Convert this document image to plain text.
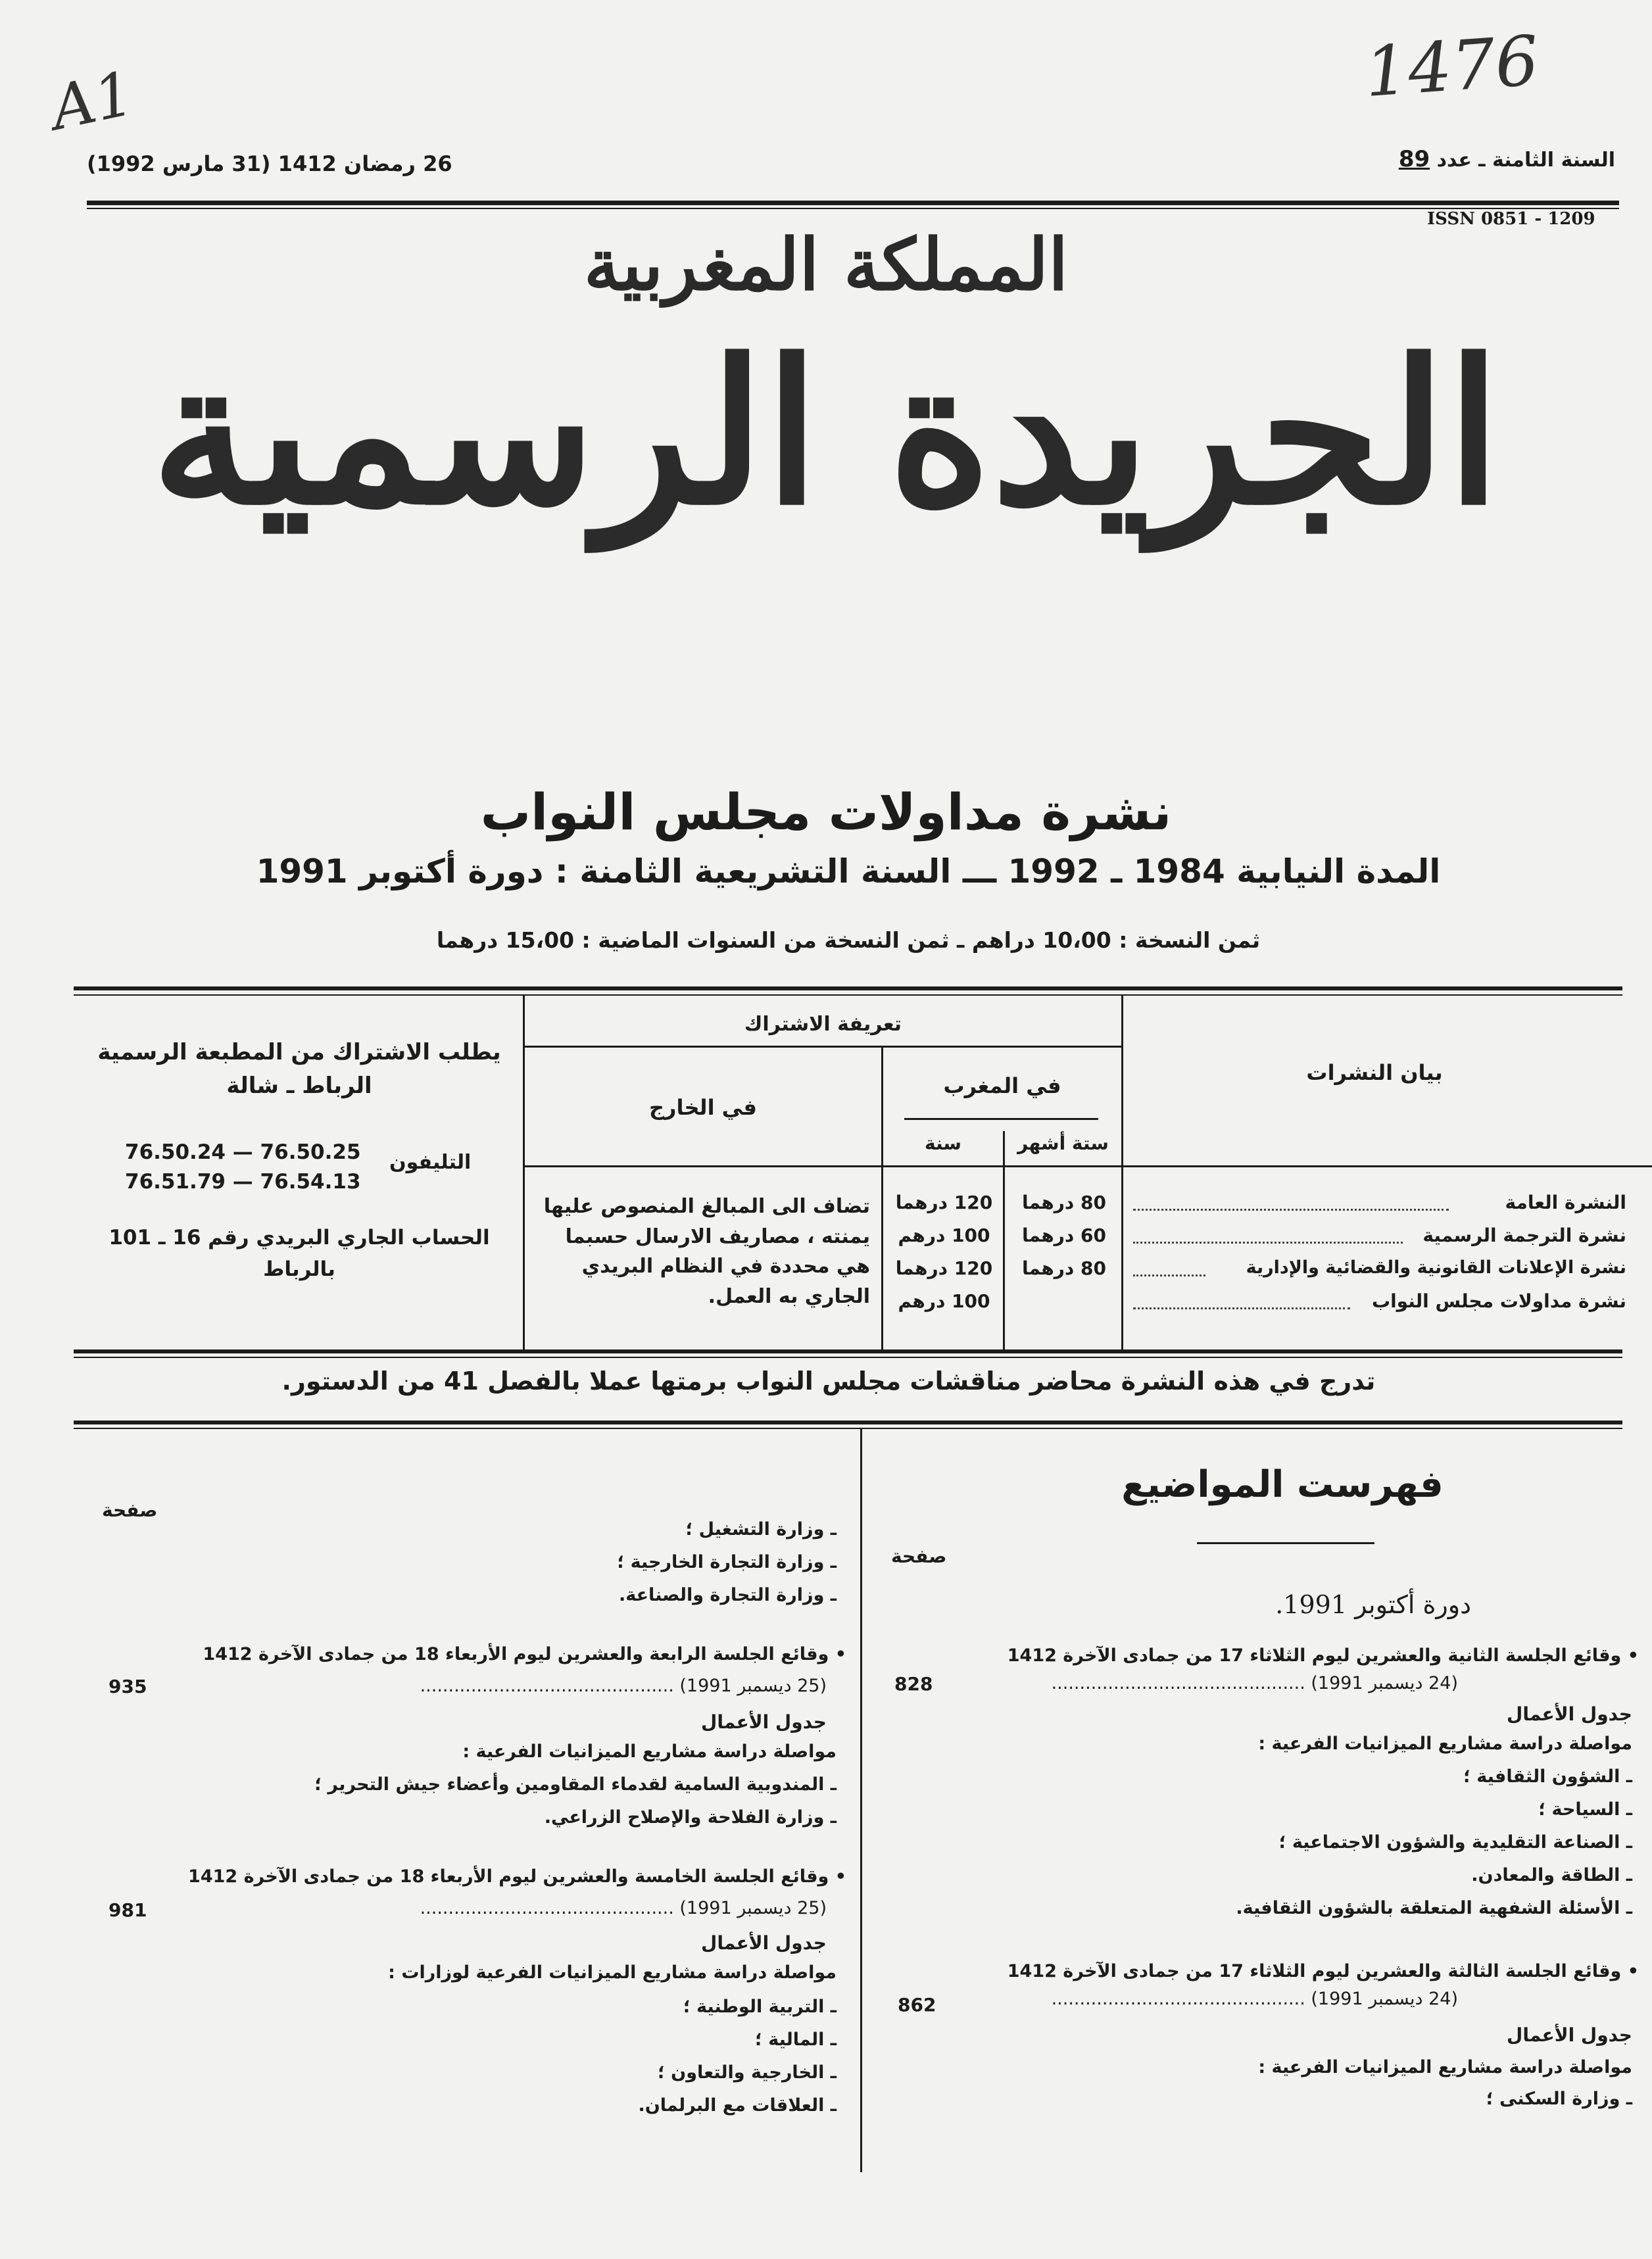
A1	1476
السنة الثامنة ـ عدد 89
26 رمضان 1412 (31 مارس 1992)
ISSN 0851 - 1209
المملكة المغربية
الجريدة الرسمية
نشرة مداولات مجلس النواب
المدة النيابية 1984 ـ 1992 ـــ السنة التشريعية الثامنة : دورة أكتوبر 1991
ثمن النسخة : 10،00 دراهم ـ ثمن النسخة من السنوات الماضية : 15،00 درهما
يطلب الاشتراك من المطبعة الرسمية
الرباط ـ شالة
76.50.24 — 76.50.25
76.51.79 — 76.54.13
التليفون
الحساب الجاري البريدي رقم 16 ـ 101
بالرباط
تعريفة الاشتراك
في الخارج
في المغرب
سنة	ستة أشهر
تضاف الى المبالغ المنصوص عليها يمنته ، مصاريف الارسال حسبما هي محددة في النظام البريدي الجاري به العمل.
بيان النشرات
النشرة العامة
80 درهما
120 درهما
نشرة الترجمة الرسمية
60 درهما
100 درهم
نشرة الإعلانات القانونية والقضائية والإدارية
80 درهما
120 درهما
نشرة مداولات مجلس النواب
100 درهم
تدرج في هذه النشرة محاضر مناقشات مجلس النواب برمتها عملا بالفصل 41 من الدستور.
فهرست المواضيع
صفحة
دورة أكتوبر 1991.
• وقائع الجلسة الثانية والعشرين ليوم الثلاثاء 17 من جمادى الآخرة 1412
(24 ديسمبر 1991) .............................................
828
جدول الأعمال
مواصلة دراسة مشاريع الميزانيات الفرعية :
ـ الشؤون الثقافية ؛
ـ السياحة ؛
ـ الصناعة التقليدية والشؤون الاجتماعية ؛
ـ الطاقة والمعادن.
ـ الأسئلة الشفهية المتعلقة بالشؤون الثقافية.
• وقائع الجلسة الثالثة والعشرين ليوم الثلاثاء 17 من جمادى الآخرة 1412
(24 ديسمبر 1991) .............................................
862
جدول الأعمال
مواصلة دراسة مشاريع الميزانيات الفرعية :
ـ وزارة السكنى ؛
صفحة
ـ وزارة التشغيل ؛
ـ وزارة التجارة الخارجية ؛
ـ وزارة التجارة والصناعة.
• وقائع الجلسة الرابعة والعشرين ليوم الأربعاء 18 من جمادى الآخرة 1412
(25 ديسمبر 1991) .............................................
935
جدول الأعمال
مواصلة دراسة مشاريع الميزانيات الفرعية :
ـ المندوبية السامية لقدماء المقاومين وأعضاء جيش التحرير ؛
ـ وزارة الفلاحة والإصلاح الزراعي.
• وقائع الجلسة الخامسة والعشرين ليوم الأربعاء 18 من جمادى الآخرة 1412
(25 ديسمبر 1991) .............................................
981
جدول الأعمال
مواصلة دراسة مشاريع الميزانيات الفرعية لوزارات :
ـ التربية الوطنية ؛
ـ المالية ؛
ـ الخارجية والتعاون ؛
ـ العلاقات مع البرلمان.
